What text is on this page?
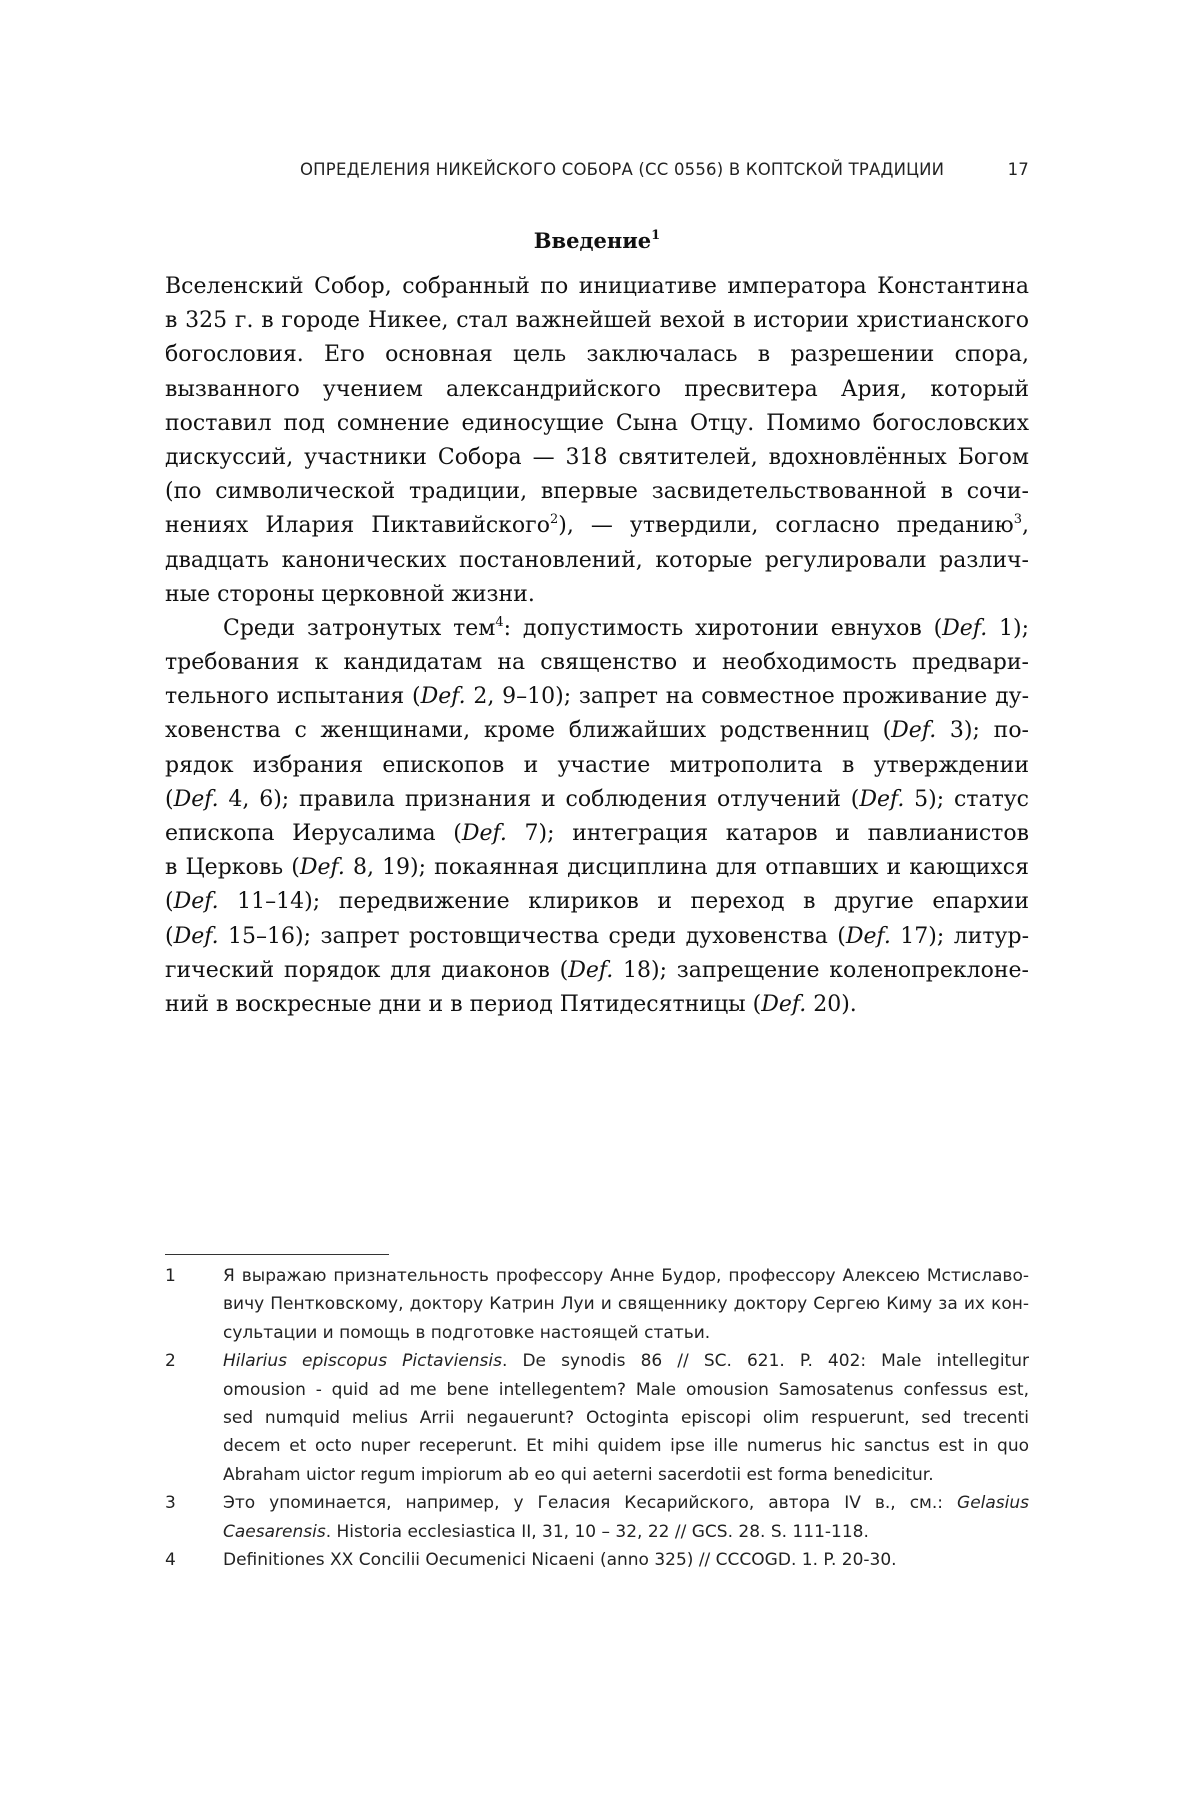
ОПРЕДЕЛЕНИЯ НИКЕЙСКОГО СОБОРА (CC 0556) В КОПТСКОЙ ТРАДИЦИИ	17
Введение$^1$
Вселенский Собор, собранный по инициативе императора Константина
в 325 г. в городе Никее, стал важнейшей вехой в истории христианского
богословия. Его основная цель заключалась в разрешении спора,
вызванного учением александрийского пресвитера Ария, который
поставил под сомнение единосущие Сына Отцу. Помимо богословских
дискуссий, участники Собора — 318 святителей, вдохновлённых Богом
(по символической традиции, впервые засвидетельствованной в сочи-
нениях Илария Пиктавийского$^2$), — утвердили, согласно преданию$^3$,
двадцать канонических постановлений, которые регулировали различ-
ные стороны церковной жизни.
Среди затронутых тем$^4$: допустимость хиротонии евнухов (Def. 1);
требования к кандидатам на священство и необходимость предвари-
тельного испытания (Def. 2, 9–10); запрет на совместное проживание ду-
ховенства с женщинами, кроме ближайших родственниц (Def. 3); по-
рядок избрания епископов и участие митрополита в утверждении
(Def. 4, 6); правила признания и соблюдения отлучений (Def. 5); статус
епископа Иерусалима (Def. 7); интеграция катаров и павлианистов
в Церковь (Def. 8, 19); покаянная дисциплина для отпавших и кающихся
(Def. 11–14); передвижение клириков и переход в другие епархии
(Def. 15–16); запрет ростовщичества среди духовенства (Def. 17); литур-
гический порядок для диаконов (Def. 18); запрещение коленопреклоне-
ний в воскресные дни и в период Пятидесятницы (Def. 20).
1	Я выражаю признательность профессору Анне Будор, профессору Алексею Мстиславо-
вичу Пентковскому, доктору Катрин Луи и священнику доктору Сергею Киму за их кон-
сультации и помощь в подготовке настоящей статьи.
2	Hilarius episcopus Pictaviensis. De synodis 86 // SC. 621. P. 402: Male intellegitur
omousion - quid ad me bene intellegentem? Male omousion Samosatenus confessus est,
sed numquid melius Arrii negauerunt? Octoginta episcopi olim respuerunt, sed trecenti
decem et octo nuper receperunt. Et mihi quidem ipse ille numerus hic sanctus est in quo
Abraham uictor regum impiorum ab eo qui aeterni sacerdotii est forma benedicitur.
3	Это упоминается, например, у Геласия Кесарийского, автора IV в., см.: Gelasius
Caesarensis. Historia ecclesiastica II, 31, 10 – 32, 22 // GCS. 28. S. 111-118.
4	Definitiones XX Concilii Oecumenici Nicaeni (anno 325) // CCCOGD. 1. P. 20-30.
